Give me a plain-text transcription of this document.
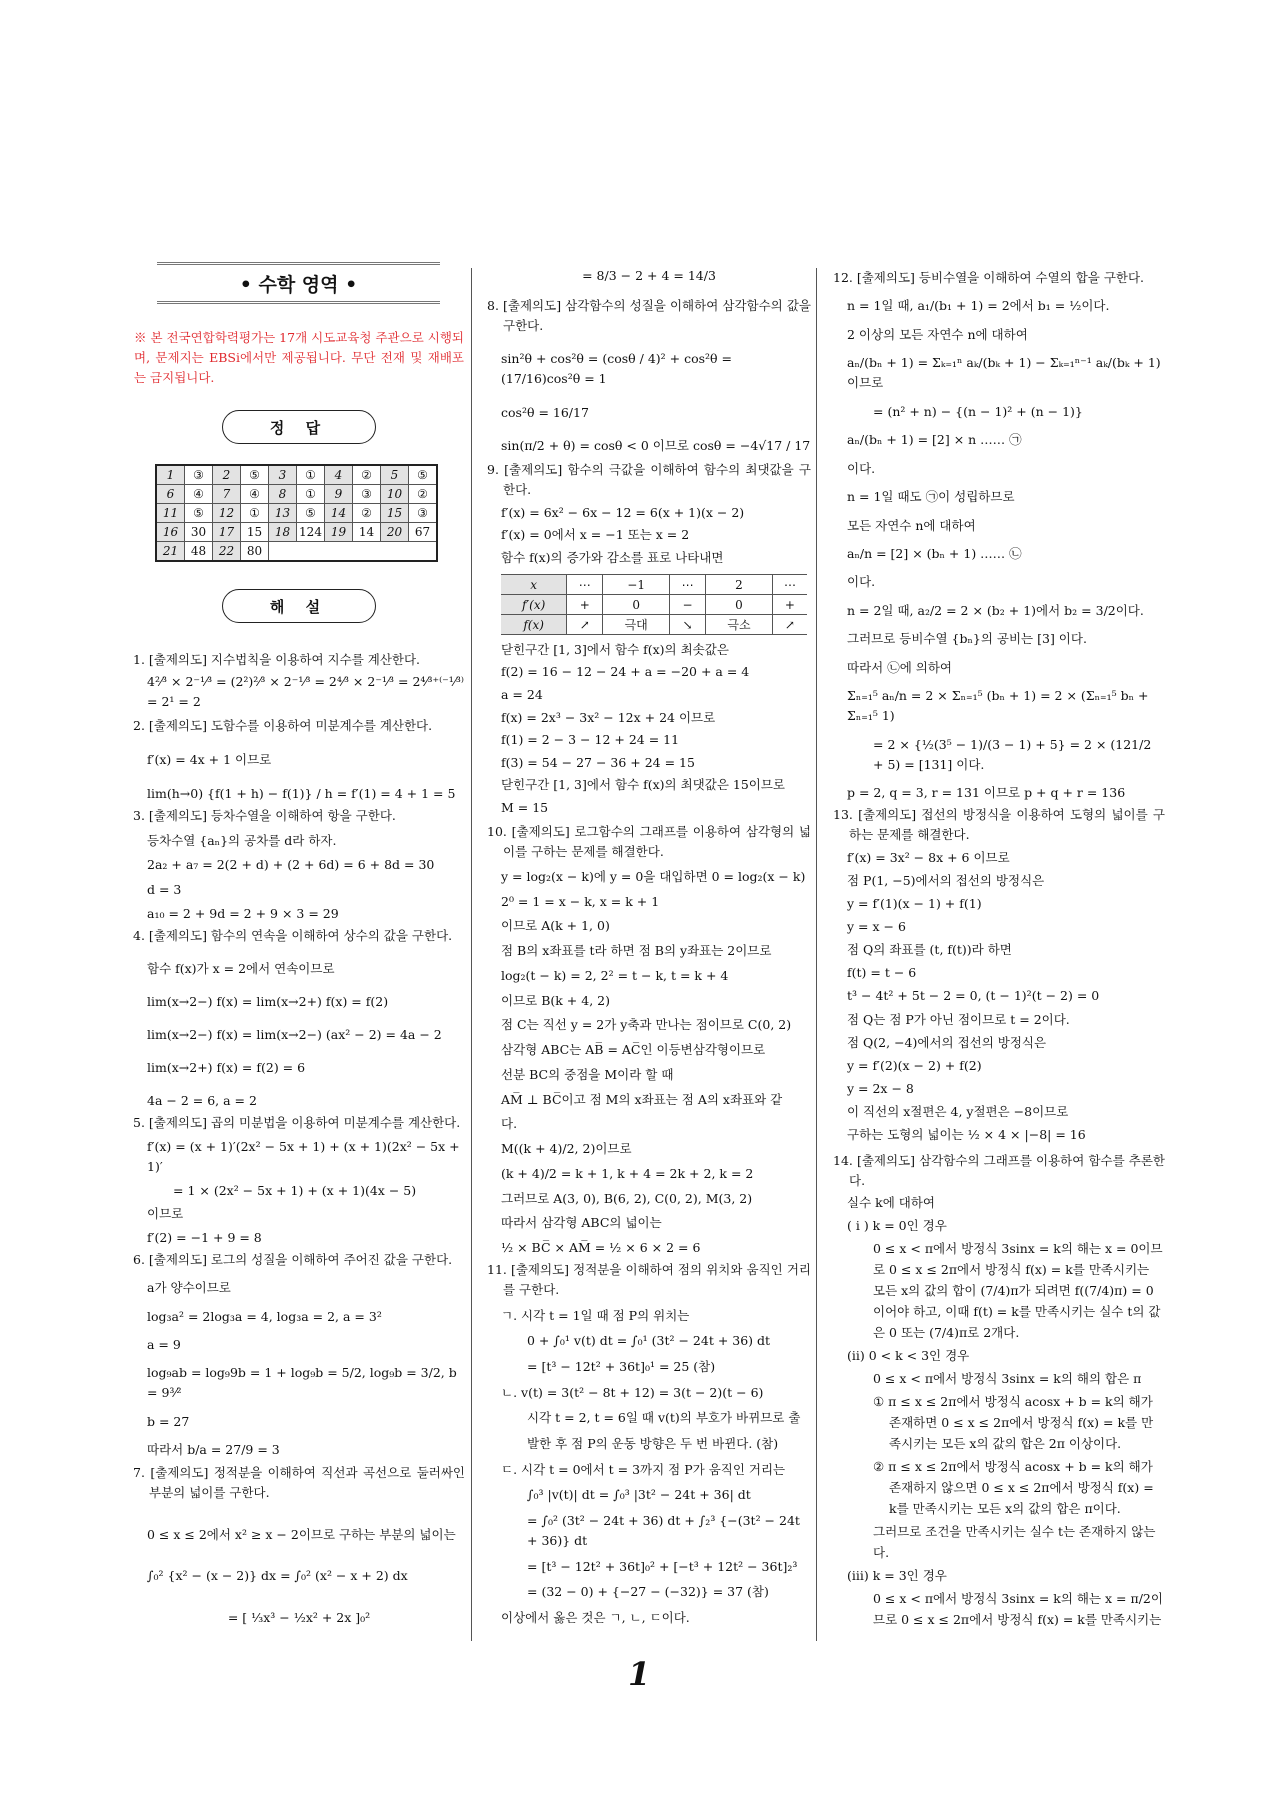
• 수학 영역 •
※ 본 전국연합학력평가는 17개 시도교육청 주관으로 시행되며, 문제지는 EBSi에서만 제공됩니다. 무단 전재 및 재배포는 금지됩니다.
정 답
1	③	2	⑤	3	①	4	②	5	⑤
6	④	7	④	8	①	9	③	10	②
11	⑤	12	①	13	⑤	14	②	15	③
16	30	17	15	18	124	19	14	20	67
21	48	22	80						
해 설
1. [출제의도] 지수법칙을 이용하여 지수를 계산한다.
4²⁄³ × 2⁻¹⁄³ = (2²)²⁄³ × 2⁻¹⁄³ = 2⁴⁄³ × 2⁻¹⁄³ = 2⁴⁄³⁺⁽⁻¹⁄³⁾ = 2¹ = 2
2. [출제의도] 도함수를 이용하여 미분계수를 계산한다.
f′(x) = 4x + 1 이므로
lim(h→0) {f(1 + h) − f(1)} / h = f′(1) = 4 + 1 = 5
3. [출제의도] 등차수열을 이해하여 항을 구한다.
등차수열 {aₙ}의 공차를 d라 하자.
2a₂ + a₇ = 2(2 + d) + (2 + 6d) = 6 + 8d = 30
d = 3
a₁₀ = 2 + 9d = 2 + 9 × 3 = 29
4. [출제의도] 함수의 연속을 이해하여 상수의 값을 구한다.
함수 f(x)가 x = 2에서 연속이므로
lim(x→2−) f(x) = lim(x→2+) f(x) = f(2)
lim(x→2−) f(x) = lim(x→2−) (ax² − 2) = 4a − 2
lim(x→2+) f(x) = f(2) = 6
4a − 2 = 6, a = 2
5. [출제의도] 곱의 미분법을 이용하여 미분계수를 계산한다.
f′(x) = (x + 1)′(2x² − 5x + 1) + (x + 1)(2x² − 5x + 1)′
= 1 × (2x² − 5x + 1) + (x + 1)(4x − 5)
이므로
f′(2) = −1 + 9 = 8
6. [출제의도] 로그의 성질을 이해하여 주어진 값을 구한다.
a가 양수이므로
log₃a² = 2log₃a = 4, log₃a = 2, a = 3²
a = 9
log₉ab = log₉9b = 1 + log₉b = 5/2, log₉b = 3/2, b = 9³⁄²
b = 27
따라서 b/a = 27/9 = 3
7. [출제의도] 정적분을 이해하여 직선과 곡선으로 둘러싸인 부분의 넓이를 구한다.
0 ≤ x ≤ 2에서 x² ≥ x − 2이므로 구하는 부분의 넓이는
∫₀² {x² − (x − 2)} dx = ∫₀² (x² − x + 2) dx
= [ ⅓x³ − ½x² + 2x ]₀²
= 8/3 − 2 + 4 = 14/3
8. [출제의도] 삼각함수의 성질을 이해하여 삼각함수의 값을 구한다.
sin²θ + cos²θ = (cosθ / 4)² + cos²θ = (17/16)cos²θ = 1
cos²θ = 16/17
sin(π/2 + θ) = cosθ < 0 이므로 cosθ = −4√17 / 17
9. [출제의도] 함수의 극값을 이해하여 함수의 최댓값을 구한다.
f′(x) = 6x² − 6x − 12 = 6(x + 1)(x − 2)
f′(x) = 0에서 x = −1 또는 x = 2
함수 f(x)의 증가와 감소를 표로 나타내면
x	⋯	−1	⋯	2	⋯
f′(x)	+	0	−	0	+
f(x)	↗	극대	↘	극소	↗
닫힌구간 [1, 3]에서 함수 f(x)의 최솟값은
f(2) = 16 − 12 − 24 + a = −20 + a = 4
a = 24
f(x) = 2x³ − 3x² − 12x + 24 이므로
f(1) = 2 − 3 − 12 + 24 = 11
f(3) = 54 − 27 − 36 + 24 = 15
닫힌구간 [1, 3]에서 함수 f(x)의 최댓값은 15이므로
M = 15
10. [출제의도] 로그함수의 그래프를 이용하여 삼각형의 넓이를 구하는 문제를 해결한다.
y = log₂(x − k)에 y = 0을 대입하면 0 = log₂(x − k)
2⁰ = 1 = x − k, x = k + 1
이므로 A(k + 1, 0)
점 B의 x좌표를 t라 하면 점 B의 y좌표는 2이므로
log₂(t − k) = 2, 2² = t − k, t = k + 4
이므로 B(k + 4, 2)
점 C는 직선 y = 2가 y축과 만나는 점이므로 C(0, 2)
삼각형 ABC는 AB̅ = AC̅인 이등변삼각형이므로
선분 BC의 중점을 M이라 할 때
AM̅ ⊥ BC̅이고 점 M의 x좌표는 점 A의 x좌표와 같
다.
M((k + 4)/2, 2)이므로
(k + 4)/2 = k + 1, k + 4 = 2k + 2, k = 2
그러므로 A(3, 0), B(6, 2), C(0, 2), M(3, 2)
따라서 삼각형 ABC의 넓이는
½ × BC̅ × AM̅ = ½ × 6 × 2 = 6
11. [출제의도] 정적분을 이해하여 점의 위치와 움직인 거리를 구한다.
ㄱ. 시각 t = 1일 때 점 P의 위치는
0 + ∫₀¹ v(t) dt = ∫₀¹ (3t² − 24t + 36) dt
= [t³ − 12t² + 36t]₀¹ = 25 (참)
ㄴ. v(t) = 3(t² − 8t + 12) = 3(t − 2)(t − 6)
시각 t = 2, t = 6일 때 v(t)의 부호가 바뀌므로 출
발한 후 점 P의 운동 방향은 두 번 바뀐다. (참)
ㄷ. 시각 t = 0에서 t = 3까지 점 P가 움직인 거리는
∫₀³ |v(t)| dt = ∫₀³ |3t² − 24t + 36| dt
= ∫₀² (3t² − 24t + 36) dt + ∫₂³ {−(3t² − 24t + 36)} dt
= [t³ − 12t² + 36t]₀² + [−t³ + 12t² − 36t]₂³
= (32 − 0) + {−27 − (−32)} = 37 (참)
이상에서 옳은 것은 ㄱ, ㄴ, ㄷ이다.
12. [출제의도] 등비수열을 이해하여 수열의 합을 구한다.
n = 1일 때, a₁/(b₁ + 1) = 2에서 b₁ = ½이다.
2 이상의 모든 자연수 n에 대하여
aₙ/(bₙ + 1) = Σₖ₌₁ⁿ aₖ/(bₖ + 1) − Σₖ₌₁ⁿ⁻¹ aₖ/(bₖ + 1) 이므로
= (n² + n) − {(n − 1)² + (n − 1)}
aₙ/(bₙ + 1) = [2] × n …… ㉠
이다.
n = 1일 때도 ㉠이 성립하므로
모든 자연수 n에 대하여
aₙ/n = [2] × (bₙ + 1) …… ㉡
이다.
n = 2일 때, a₂/2 = 2 × (b₂ + 1)에서 b₂ = 3/2이다.
그러므로 등비수열 {bₙ}의 공비는 [3] 이다.
따라서 ㉡에 의하여
Σₙ₌₁⁵ aₙ/n = 2 × Σₙ₌₁⁵ (bₙ + 1) = 2 × (Σₙ₌₁⁵ bₙ + Σₙ₌₁⁵ 1)
= 2 × {½(3⁵ − 1)/(3 − 1) + 5} = 2 × (121/2 + 5) = [131] 이다.
p = 2, q = 3, r = 131 이므로 p + q + r = 136
13. [출제의도] 접선의 방정식을 이용하여 도형의 넓이를 구하는 문제를 해결한다.
f′(x) = 3x² − 8x + 6 이므로
점 P(1, −5)에서의 접선의 방정식은
y = f′(1)(x − 1) + f(1)
y = x − 6
점 Q의 좌표를 (t, f(t))라 하면
f(t) = t − 6
t³ − 4t² + 5t − 2 = 0, (t − 1)²(t − 2) = 0
점 Q는 점 P가 아닌 점이므로 t = 2이다.
점 Q(2, −4)에서의 접선의 방정식은
y = f′(2)(x − 2) + f(2)
y = 2x − 8
이 직선의 x절편은 4, y절편은 −8이므로
구하는 도형의 넓이는 ½ × 4 × |−8| = 16
14. [출제의도] 삼각함수의 그래프를 이용하여 함수를 추론한다.
실수 k에 대하여
( i ) k = 0인 경우
0 ≤ x < π에서 방정식 3sinx = k의 해는 x = 0이므로 0 ≤ x ≤ 2π에서 방정식 f(x) = k를 만족시키는 모든 x의 값의 합이 (7/4)π가 되려면 f((7/4)π) = 0이어야 하고, 이때 f(t) = k를 만족시키는 실수 t의 값은 0 또는 (7/4)π로 2개다.
(ii) 0 < k < 3인 경우
0 ≤ x < π에서 방정식 3sinx = k의 해의 합은 π
① π ≤ x ≤ 2π에서 방정식 acosx + b = k의 해가 존재하면 0 ≤ x ≤ 2π에서 방정식 f(x) = k를 만족시키는 모든 x의 값의 합은 2π 이상이다.
② π ≤ x ≤ 2π에서 방정식 acosx + b = k의 해가 존재하지 않으면 0 ≤ x ≤ 2π에서 방정식 f(x) = k를 만족시키는 모든 x의 값의 합은 π이다.
그러므로 조건을 만족시키는 실수 t는 존재하지 않는다.
(iii) k = 3인 경우
0 ≤ x < π에서 방정식 3sinx = k의 해는 x = π/2이므로 0 ≤ x ≤ 2π에서 방정식 f(x) = k를 만족시키는
1
